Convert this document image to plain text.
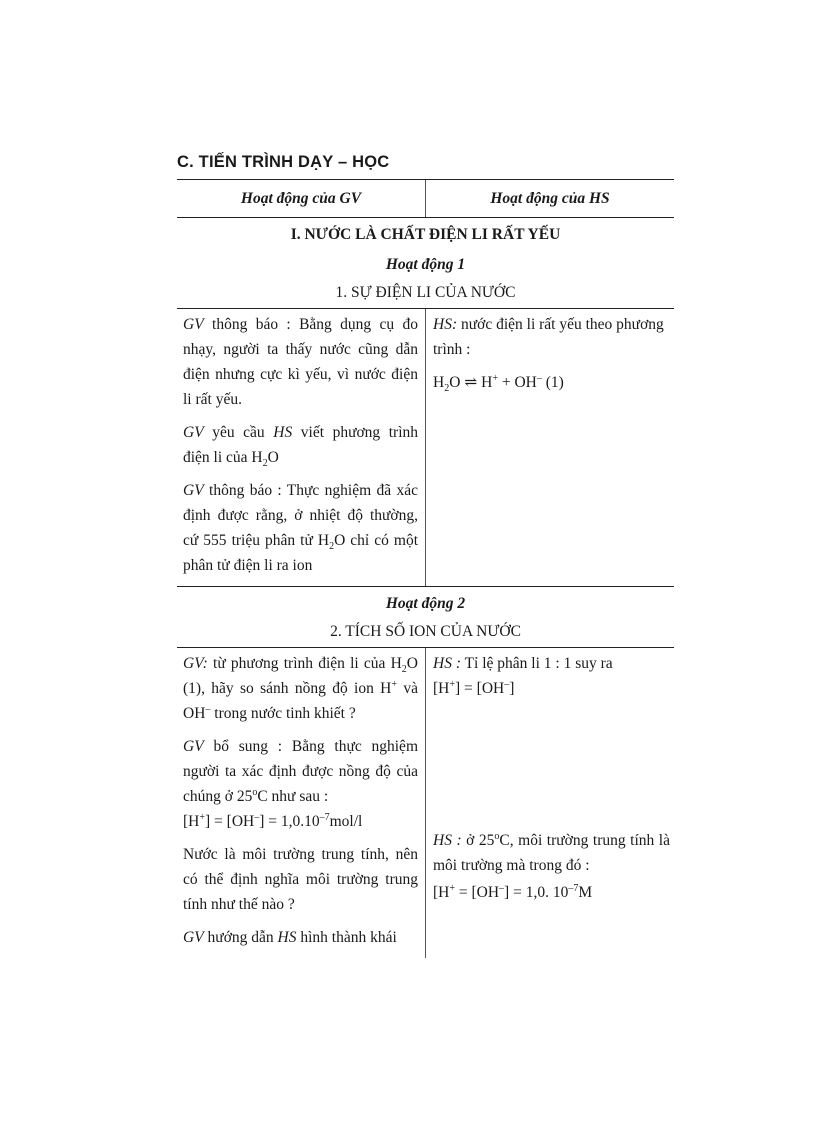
C. TIẾN TRÌNH DẠY – HỌC
Hoạt động của GV	Hoạt động của HS
I. NƯỚC LÀ CHẤT ĐIỆN LI RẤT YẾU
Hoạt động 1
1. SỰ ĐIỆN LI CỦA NƯỚC

GV thông báo : Bằng dụng cụ đo nhạy, người ta thấy nước cũng dẫn điện nhưng cực kì yếu, vì nước điện li rất yếu.

GV yêu cầu HS viết phương trình điện li của $H_2O$

GV thông báo : Thực nghiệm đã xác định được rằng, ở nhiệt độ thường, cứ 555 triệu phân tử $H_2O$ chỉ có một phân tử điện li ra ion

HS: nước điện li rất yếu theo phương trình :

$H_2O$ ⇌ H+ + OH– (1)

Hoạt động 2
2. TÍCH SỐ ION CỦA NƯỚC

GV: từ phương trình điện li của $H_2O$ (1), hãy so sánh nồng độ ion H+ và OH– trong nước tinh khiết ?

GV bổ sung : Bằng thực nghiệm người ta xác định được nồng độ của chúng ở 25$^o$C như sau :

$[H^+] = [OH^-] = 1,0.10^{-7}mol/l$

Nước là môi trường trung tính, nên có thể định nghĩa môi trường trung tính như thế nào ?

GV hướng dẫn HS hình thành khái

HS : Tỉ lệ phân li 1 : 1 suy ra

[H+] = [OH–]

HS : ở 25$^o$C, môi trường trung tính là môi trường mà trong đó :

[H+ = [OH–] = 1,0. $10^{-7}M$
